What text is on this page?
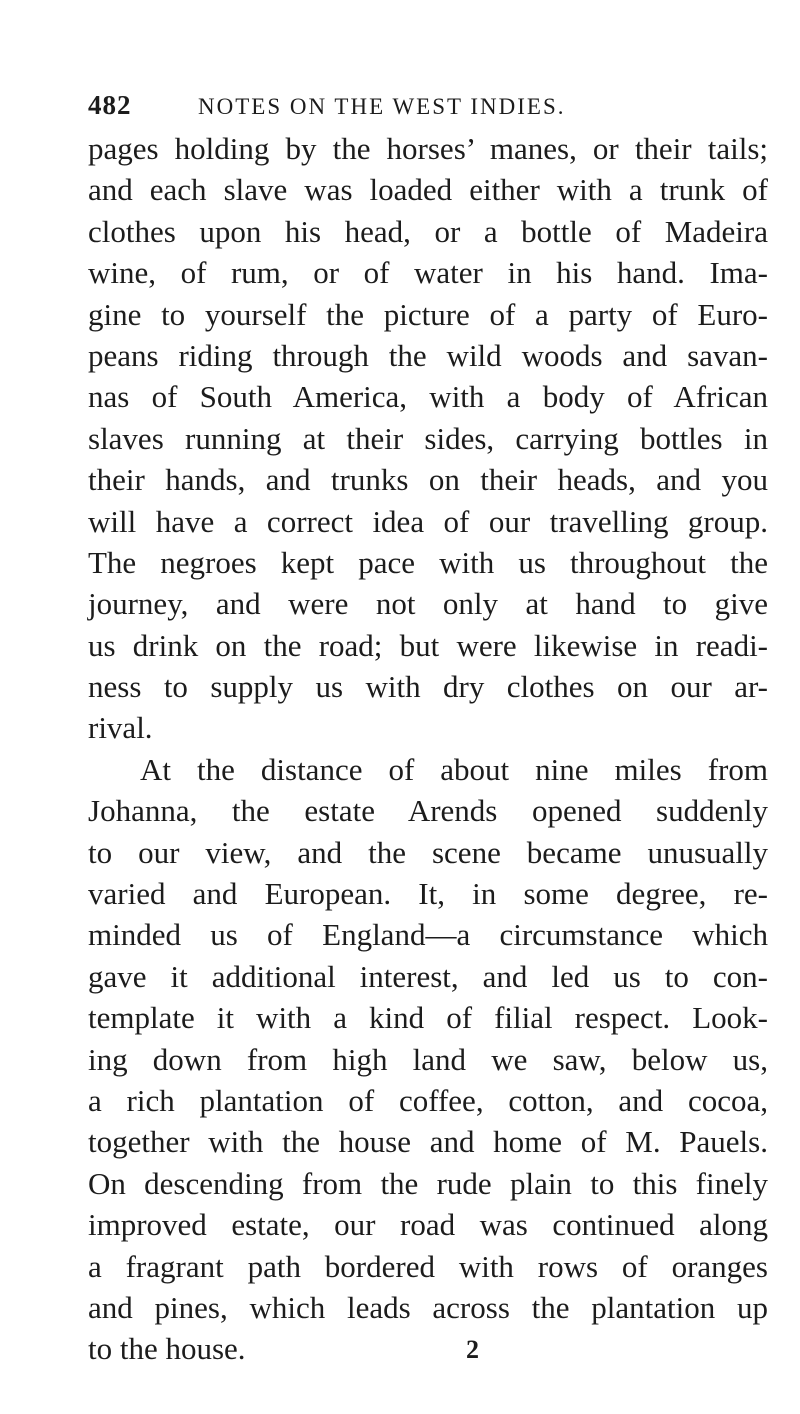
482	NOTES ON THE WEST INDIES.
pages holding by the horses’ manes, or their tails;
and each slave was loaded either with a trunk of
clothes upon his head, or a bottle of Madeira
wine, of rum, or of water in his hand. Ima-
gine to yourself the picture of a party of Euro-
peans riding through the wild woods and savan-
nas of South America, with a body of African
slaves running at their sides, carrying bottles in
their hands, and trunks on their heads, and you
will have a correct idea of our travelling group.
The negroes kept pace with us throughout the
journey, and were not only at hand to give
us drink on the road; but were likewise in readi-
ness to supply us with dry clothes on our ar-
rival.
At the distance of about nine miles from
Johanna, the estate Arends opened suddenly
to our view, and the scene became unusually
varied and European. It, in some degree, re-
minded us of England—a circumstance which
gave it additional interest, and led us to con-
template it with a kind of filial respect. Look-
ing down from high land we saw, below us,
a rich plantation of coffee, cotton, and cocoa,
together with the house and home of M. Pauels.
On descending from the rude plain to this finely
improved estate, our road was continued along
a fragrant path bordered with rows of oranges
and pines, which leads across the plantation up
to the house.	2
